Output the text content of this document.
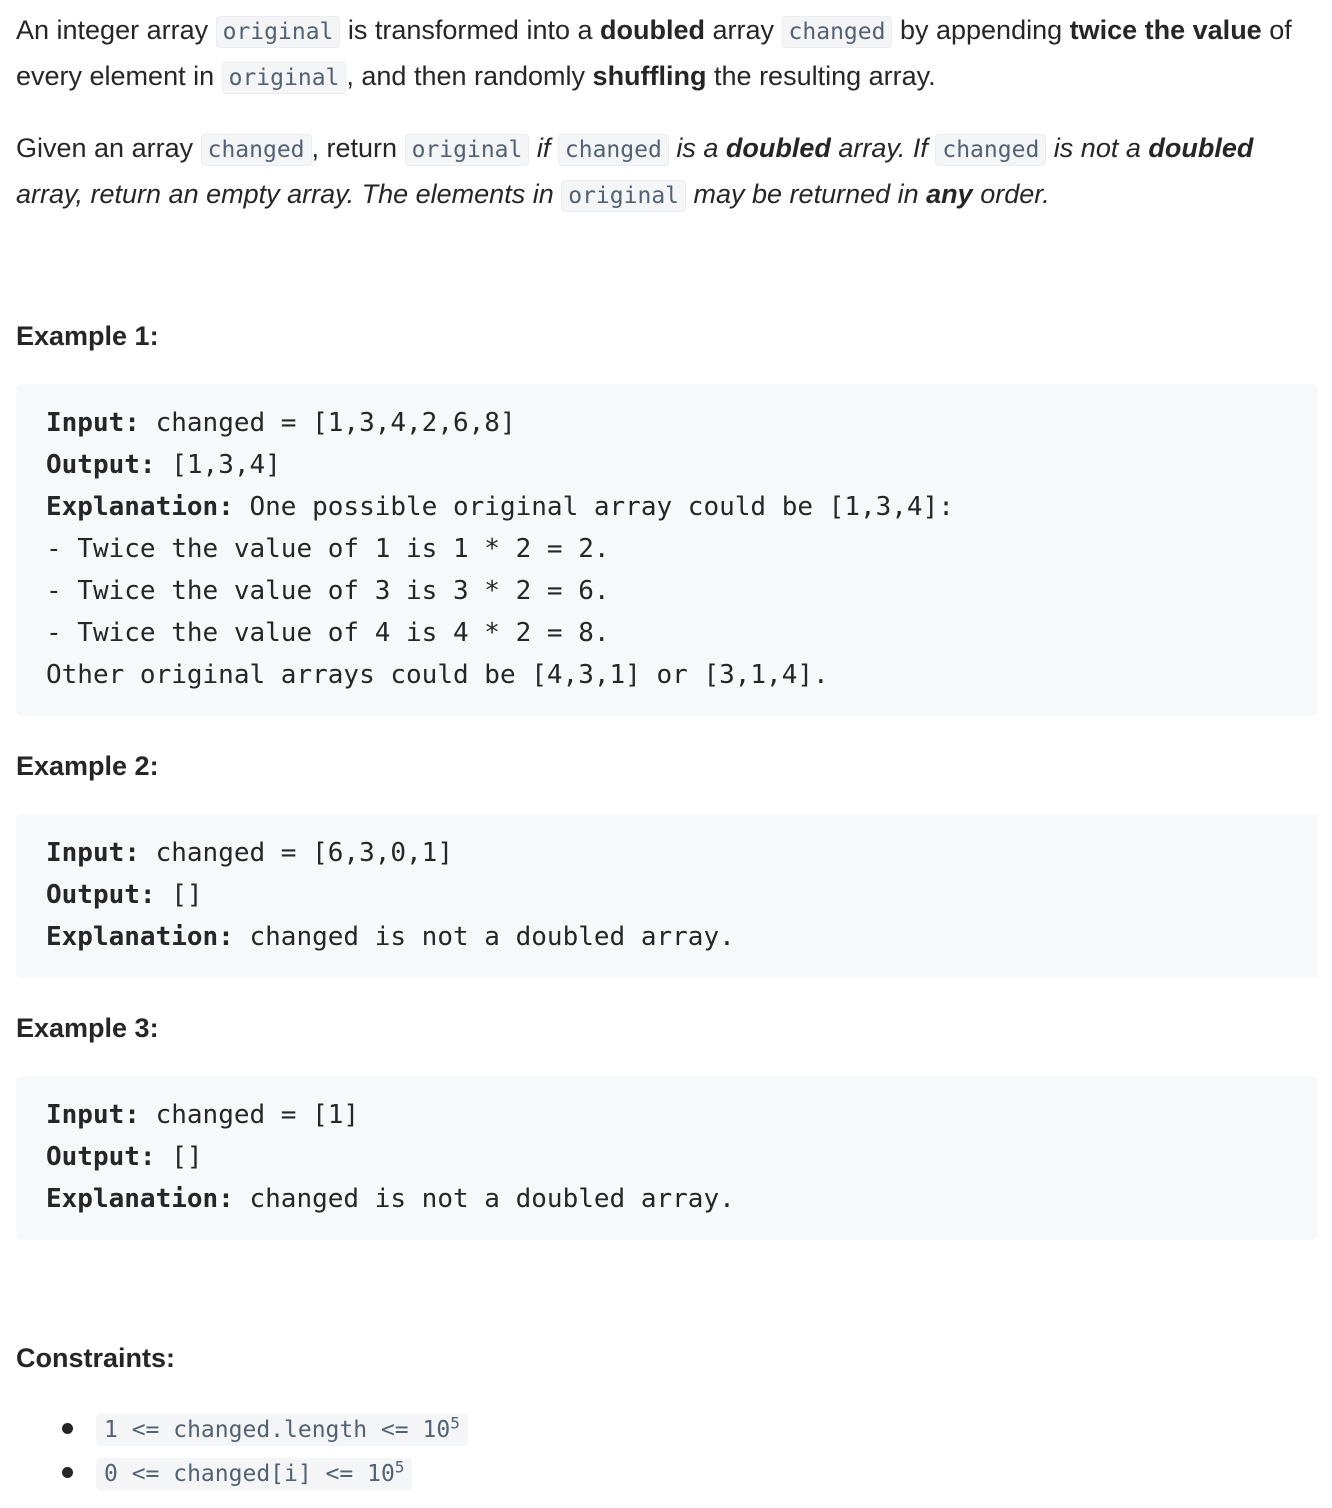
An integer array original is transformed into a doubled array changed by appending twice the value of every element in original , and then randomly shuffling the resulting array.

Given an array changed , return original if changed is a doubled array. If changed is not a doubled array, return an empty array. The elements in original may be returned in any order.

Example 1:
Input: changed = [1,3,4,2,6,8]
Output: [1,3,4]
Explanation: One possible original array could be [1,3,4]:
- Twice the value of 1 is 1 * 2 = 2.
- Twice the value of 3 is 3 * 2 = 6.
- Twice the value of 4 is 4 * 2 = 8.
Other original arrays could be [4,3,1] or [3,1,4].
Example 2:
Input: changed = [6,3,0,1]
Output: []
Explanation: changed is not a doubled array.
Example 3:
Input: changed = [1]
Output: []
Explanation: changed is not a doubled array.
Constraints:
1 <= changed.length <= $10^5$
0 <= changed[i] <= $10^5$
